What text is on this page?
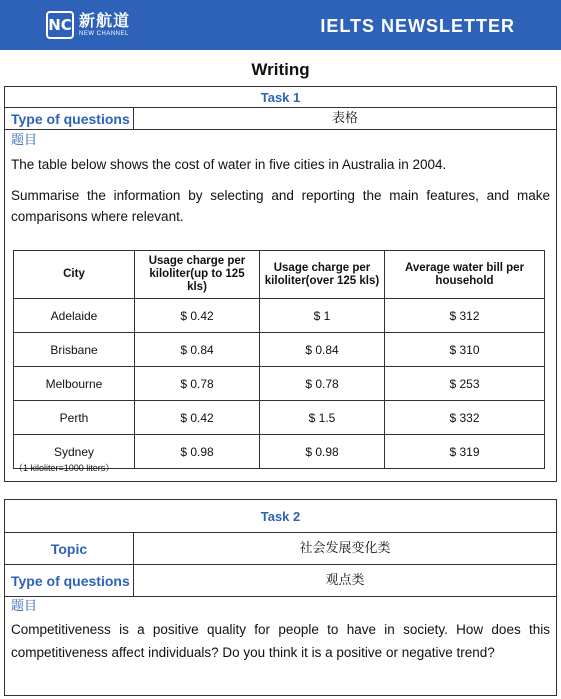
NC 新航道
NEW CHANNEL	IELTS NEWSLETTER
Writing
Task 1
Type of questions	表格
题目
The table below shows the cost of water in five cities in Australia in 2004.
Summarise the information by selecting and reporting the main features, and make comparisons where relevant.
City	Usage charge per kiloliter(up to 125 kls)	Usage charge per kiloliter(over 125 kls)	Average water bill per household
Adelaide	$ 0.42	$ 1	$ 312
Brisbane	$ 0.84	$ 0.84	$ 310
Melbourne	$ 0.78	$ 0.78	$ 253
Perth	$ 0.42	$ 1.5	$ 332
Sydney	$ 0.98	$ 0.98	$ 319
（1 kiloliter=1000 liters）
Task 2
Topic	社会发展变化类
Type of questions	观点类
题目
Competitiveness is a positive quality for people to have in society. How does this competitiveness affect individuals? Do you think it is a positive or negative trend?
